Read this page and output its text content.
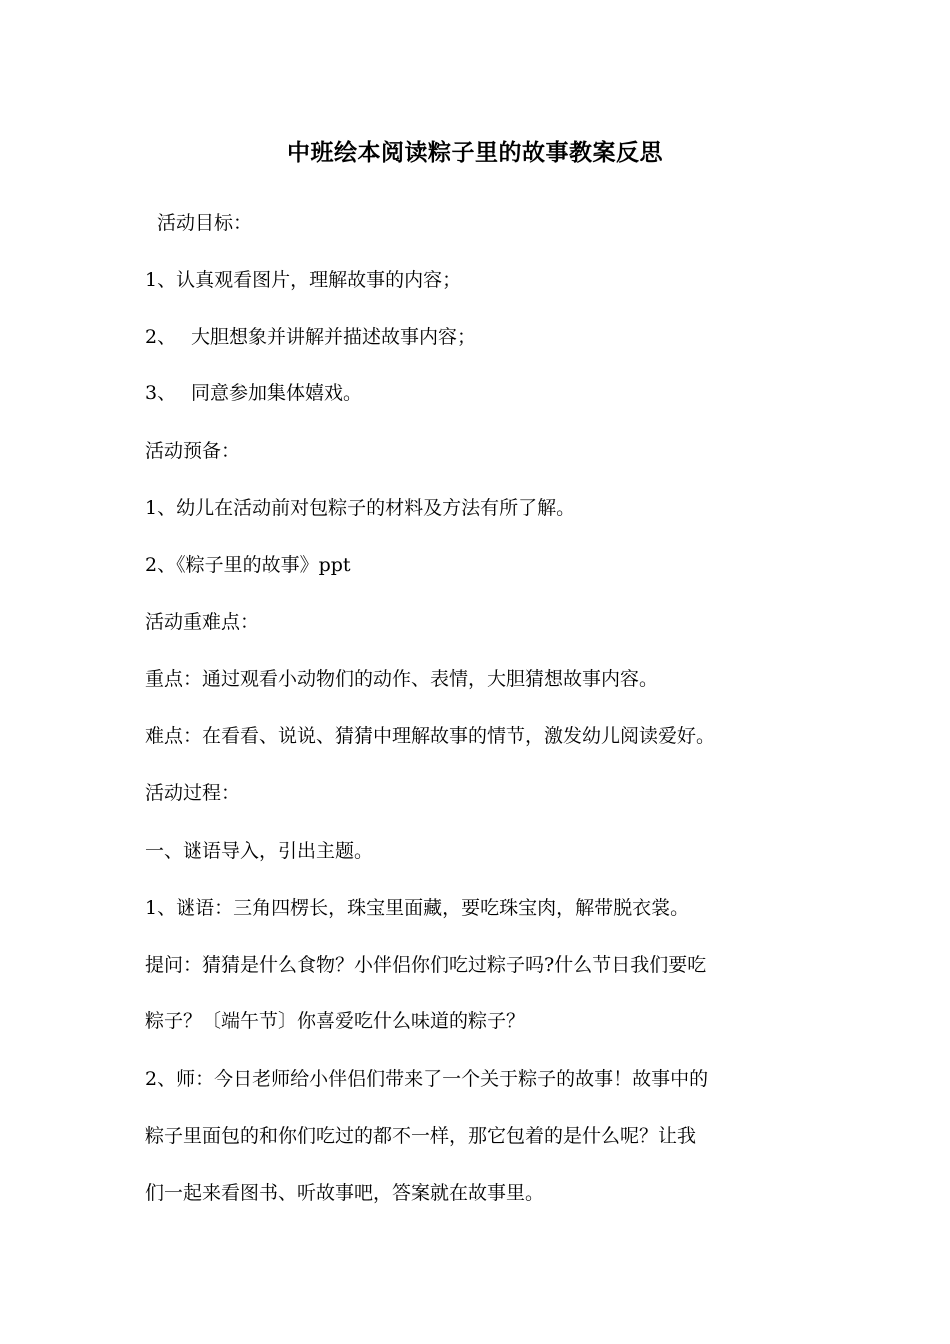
中班绘本阅读粽子里的故事教案反思
活动目标：
1、认真观看图片，理解故事的内容；
2、 大胆想象并讲解并描述故事内容；
3、 同意参加集体嬉戏。
活动预备：
1、幼儿在活动前对包粽子的材料及方法有所了解。
2、《粽子里的故事》ppt
活动重难点：
重点：通过观看小动物们的动作、表情，大胆猜想故事内容。
难点：在看看、说说、猜猜中理解故事的情节，激发幼儿阅读爱好。
活动过程：
一、谜语导入，引出主题。
1、谜语：三角四楞长，珠宝里面藏，要吃珠宝肉，解带脱衣裳。
提问：猜猜是什么食物？小伴侣你们吃过粽子吗?什么节日我们要吃
粽子？〔端午节〕你喜爱吃什么味道的粽子？
2、师：今日老师给小伴侣们带来了一个关于粽子的故事！故事中的
粽子里面包的和你们吃过的都不一样，那它包着的是什么呢？让我
们一起来看图书、听故事吧，答案就在故事里。
